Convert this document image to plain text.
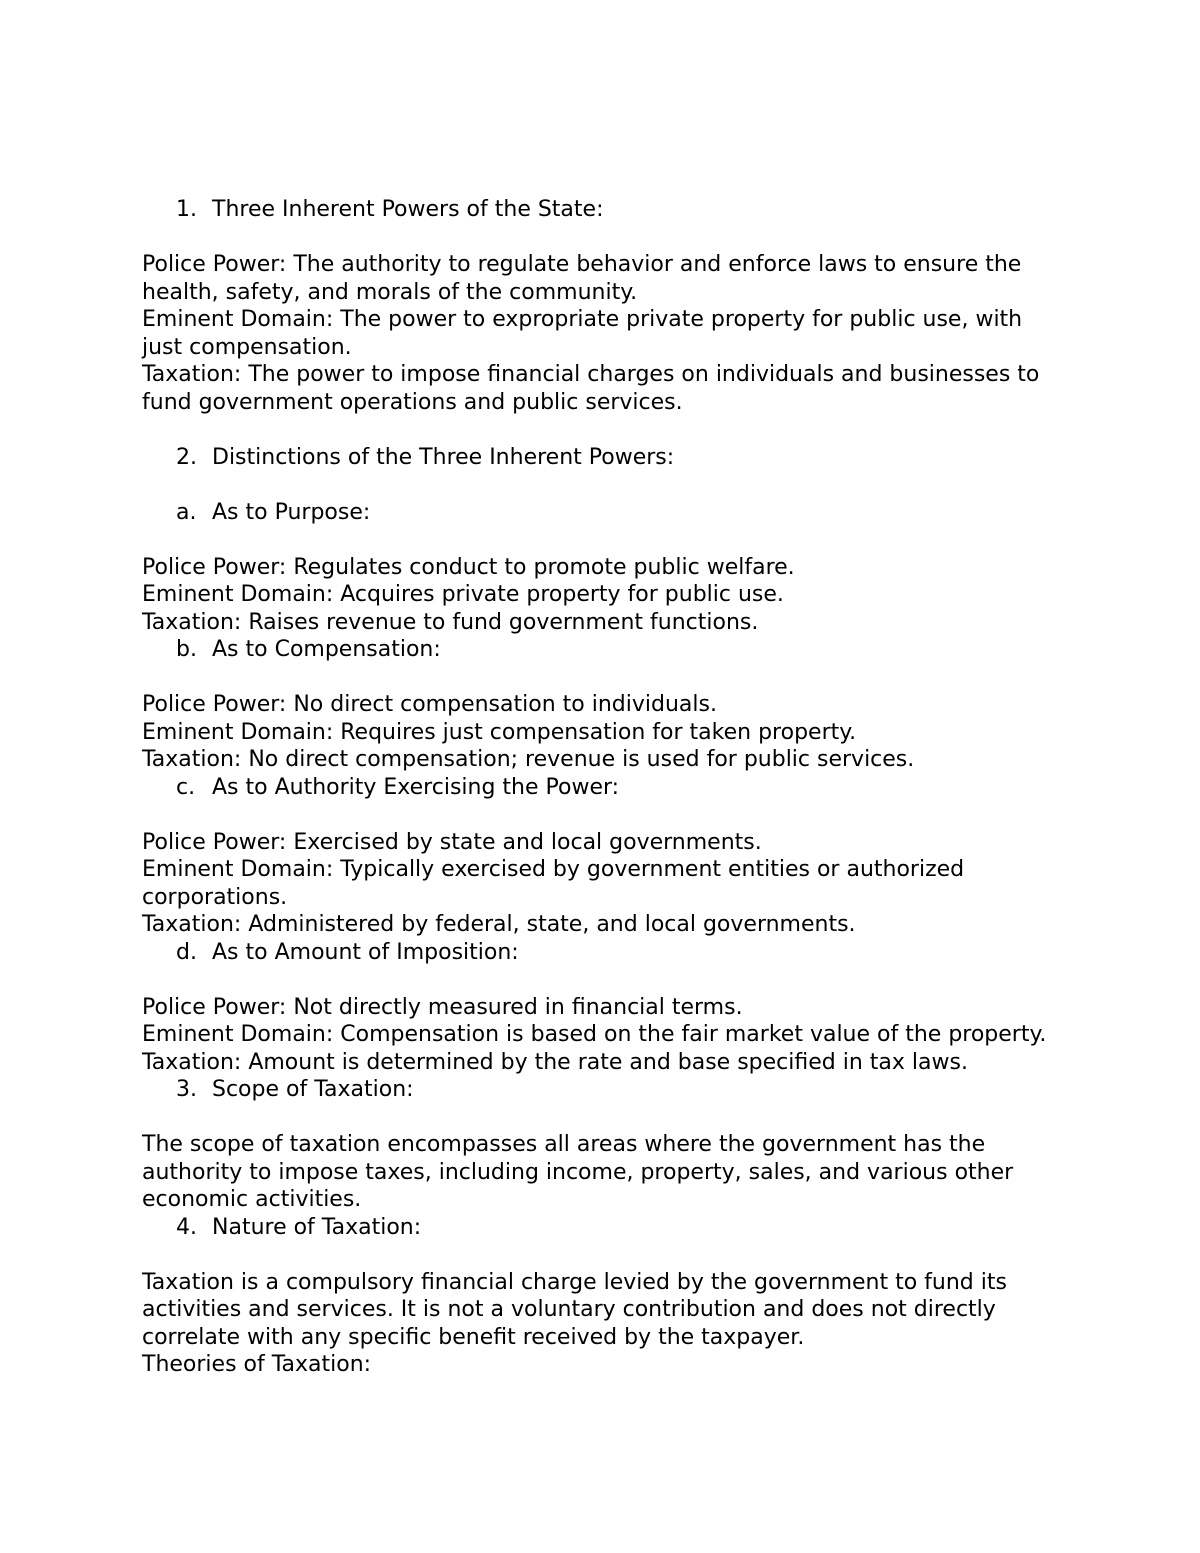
1. Three Inherent Powers of the State:

Police Power: The authority to regulate behavior and enforce laws to ensure the health, safety, and morals of the community.

Eminent Domain: The power to expropriate private property for public use, with just compensation.

Taxation: The power to impose financial charges on individuals and businesses to fund government operations and public services.

2. Distinctions of the Three Inherent Powers:
a. As to Purpose:

Police Power: Regulates conduct to promote public welfare.

Eminent Domain: Acquires private property for public use.

Taxation: Raises revenue to fund government functions.

b. As to Compensation:

Police Power: No direct compensation to individuals.

Eminent Domain: Requires just compensation for taken property.

Taxation: No direct compensation; revenue is used for public services.

c. As to Authority Exercising the Power:

Police Power: Exercised by state and local governments.

Eminent Domain: Typically exercised by government entities or authorized corporations.

Taxation: Administered by federal, state, and local governments.

d. As to Amount of Imposition:

Police Power: Not directly measured in financial terms.

Eminent Domain: Compensation is based on the fair market value of the property.

Taxation: Amount is determined by the rate and base specified in tax laws.

3. Scope of Taxation:

The scope of taxation encompasses all areas where the government has the authority to impose taxes, including income, property, sales, and various other economic activities.

4. Nature of Taxation:

Taxation is a compulsory financial charge levied by the government to fund its activities and services. It is not a voluntary contribution and does not directly correlate with any specific benefit received by the taxpayer.

Theories of Taxation:
